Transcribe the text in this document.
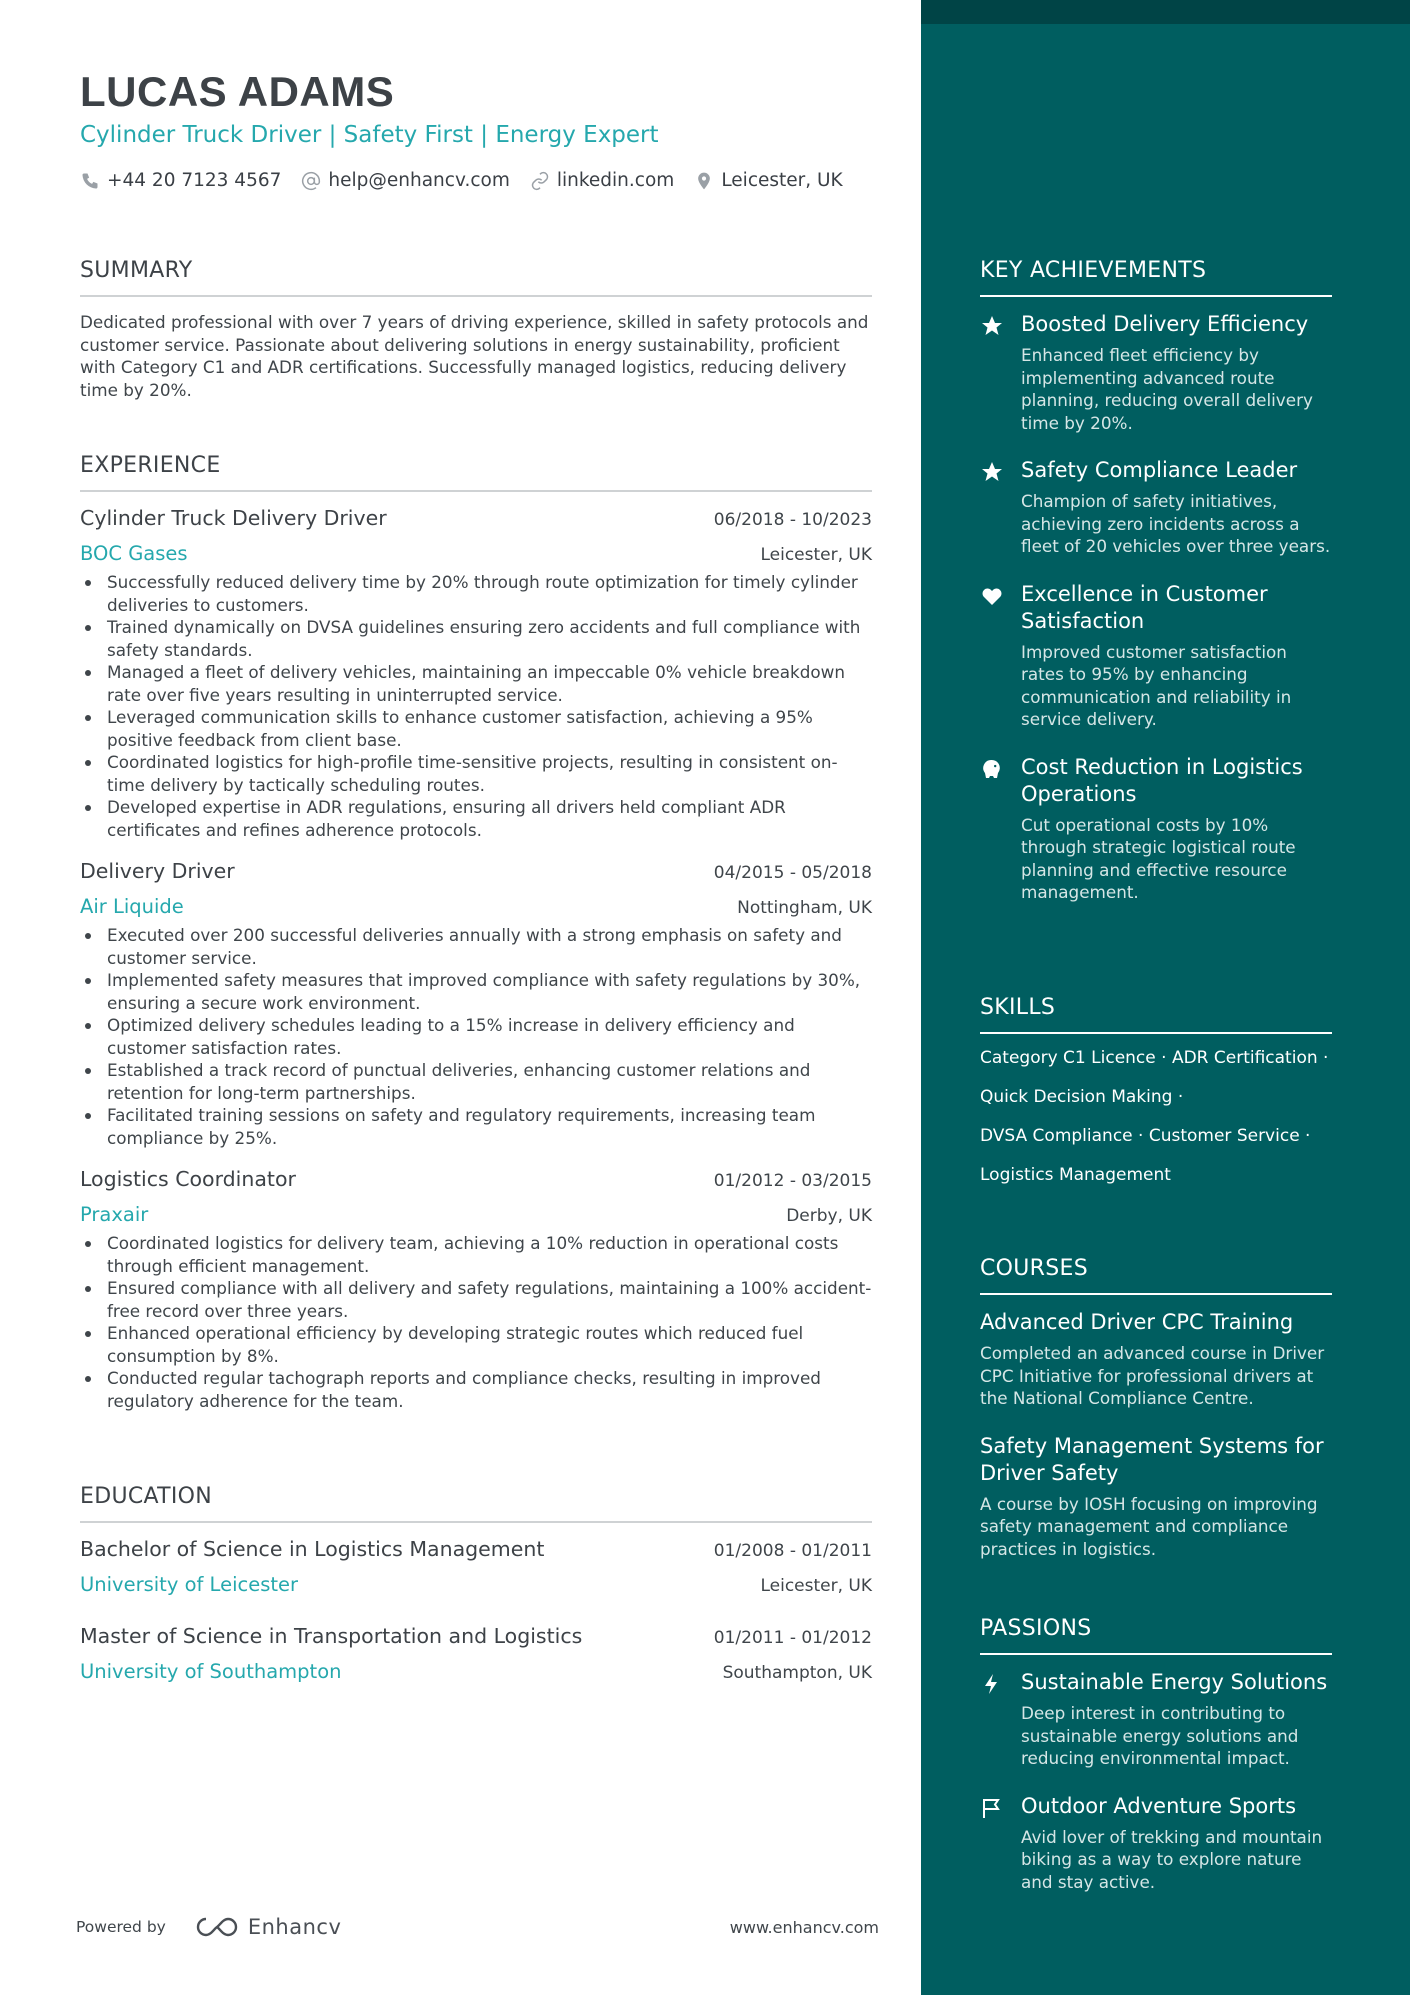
LUCAS ADAMS
Cylinder Truck Driver | Safety First | Energy Expert
+44 20 7123 4567	help@enhancv.com	linkedin.com	Leicester, UK
SUMMARY
Dedicated professional with over 7 years of driving experience, skilled in safety protocols and customer service. Passionate about delivering solutions in energy sustainability, proficient with Category C1 and ADR certifications. Successfully managed logistics, reducing delivery time by 20%.
EXPERIENCE
Cylinder Truck Delivery Driver	06/2018 - 10/2023
BOC Gases	Leicester, UK
Successfully reduced delivery time by 20% through route optimization for timely cylinder deliveries to customers.
Trained dynamically on DVSA guidelines ensuring zero accidents and full compliance with safety standards.
Managed a fleet of delivery vehicles, maintaining an impeccable 0% vehicle breakdown rate over five years resulting in uninterrupted service.
Leveraged communication skills to enhance customer satisfaction, achieving a 95% positive feedback from client base.
Coordinated logistics for high-profile time-sensitive projects, resulting in consistent on-time delivery by tactically scheduling routes.
Developed expertise in ADR regulations, ensuring all drivers held compliant ADR certificates and refines adherence protocols.
Delivery Driver	04/2015 - 05/2018
Air Liquide	Nottingham, UK
Executed over 200 successful deliveries annually with a strong emphasis on safety and customer service.
Implemented safety measures that improved compliance with safety regulations by 30%, ensuring a secure work environment.
Optimized delivery schedules leading to a 15% increase in delivery efficiency and customer satisfaction rates.
Established a track record of punctual deliveries, enhancing customer relations and retention for long-term partnerships.
Facilitated training sessions on safety and regulatory requirements, increasing team compliance by 25%.
Logistics Coordinator	01/2012 - 03/2015
Praxair	Derby, UK
Coordinated logistics for delivery team, achieving a 10% reduction in operational costs through efficient management.
Ensured compliance with all delivery and safety regulations, maintaining a 100% accident-free record over three years.
Enhanced operational efficiency by developing strategic routes which reduced fuel consumption by 8%.
Conducted regular tachograph reports and compliance checks, resulting in improved regulatory adherence for the team.
EDUCATION
Bachelor of Science in Logistics Management	01/2008 - 01/2011
University of Leicester	Leicester, UK
Master of Science in Transportation and Logistics	01/2011 - 01/2012
University of Southampton	Southampton, UK
Powered by	Enhancv	www.enhancv.com
KEY ACHIEVEMENTS
Boosted Delivery Efficiency
Enhanced fleet efficiency by implementing advanced route planning, reducing overall delivery time by 20%.
Safety Compliance Leader
Champion of safety initiatives, achieving zero incidents across a fleet of 20 vehicles over three years.
Excellence in Customer Satisfaction
Improved customer satisfaction rates to 95% by enhancing communication and reliability in service delivery.
Cost Reduction in Logistics Operations
Cut operational costs by 10% through strategic logistical route planning and effective resource management.
SKILLS
Category C1 Licence · ADR Certification ·
Quick Decision Making ·
DVSA Compliance · Customer Service ·
Logistics Management
COURSES
Advanced Driver CPC Training
Completed an advanced course in Driver CPC Initiative for professional drivers at the National Compliance Centre.
Safety Management Systems for Driver Safety
A course by IOSH focusing on improving safety management and compliance practices in logistics.
PASSIONS
Sustainable Energy Solutions
Deep interest in contributing to sustainable energy solutions and reducing environmental impact.
Outdoor Adventure Sports
Avid lover of trekking and mountain biking as a way to explore nature and stay active.
